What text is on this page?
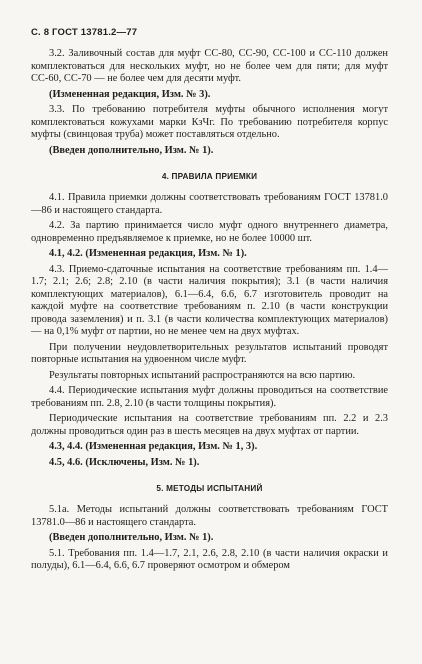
С. 8 ГОСТ 13781.2—77

3.2. Заливочный состав для муфт СС-80, СС-90, СС-100 и СС-110 должен комплектоваться для нескольких муфт, но не более чем для пяти; для муфт СС-60, СС-70 — не более чем для десяти муфт.

(Измененная редакция, Изм. № 3).

3.3. По требованию потребителя муфты обычного исполнения могут комплектоваться кожухами марки КзЧг. По требованию потребителя корпус муфты (свинцовая труба) может поставляться отдельно.

(Введен дополнительно, Изм. № 1).

4. ПРАВИЛА ПРИЕМКИ

4.1. Правила приемки должны соответствовать требованиям ГОСТ 13781.0—86 и настоящего стандарта.

4.2. За партию принимается число муфт одного внутреннего диаметра, одновременно предъявляемое к приемке, но не более 10000 шт.

4.1, 4.2. (Измененная редакция, Изм. № 1).

4.3. Приемо-сдаточные испытания на соответствие требованиям пп. 1.4—1.7; 2.1; 2.6; 2.8; 2.10 (в части наличия покрытия); 3.1 (в части наличия комплектующих материалов), 6.1—6.4, 6.6, 6.7 изготовитель проводит на каждой муфте на соответствие требованиям п. 2.10 (в части конструкции провода заземления) и п. 3.1 (в части количества комплектующих материалов) — на 0,1% муфт от партии, но не менее чем на двух муфтах.

При получении неудовлетворительных результатов испытаний проводят повторные испытания на удвоенном числе муфт.

Результаты повторных испытаний распространяются на всю партию.

4.4. Периодические испытания муфт должны проводиться на соответствие требованиям пп. 2.8, 2.10 (в части толщины покрытия).

Периодические испытания на соответствие требованиям пп. 2.2 и 2.3 должны проводиться один раз в шесть месяцев на двух муфтах от партии.

4.3, 4.4. (Измененная редакция, Изм. № 1, 3).

4.5, 4.6. (Исключены, Изм. № 1).

5. МЕТОДЫ ИСПЫТАНИЙ

5.1а. Методы испытаний должны соответствовать требованиям ГОСТ 13781.0—86 и настоящего стандарта.

(Введен дополнительно, Изм. № 1).

5.1. Требования пп. 1.4—1.7, 2.1, 2.6, 2.8, 2.10 (в части наличия окраски и полуды), 6.1—6.4, 6.6, 6.7 проверяют осмотром и обмером
